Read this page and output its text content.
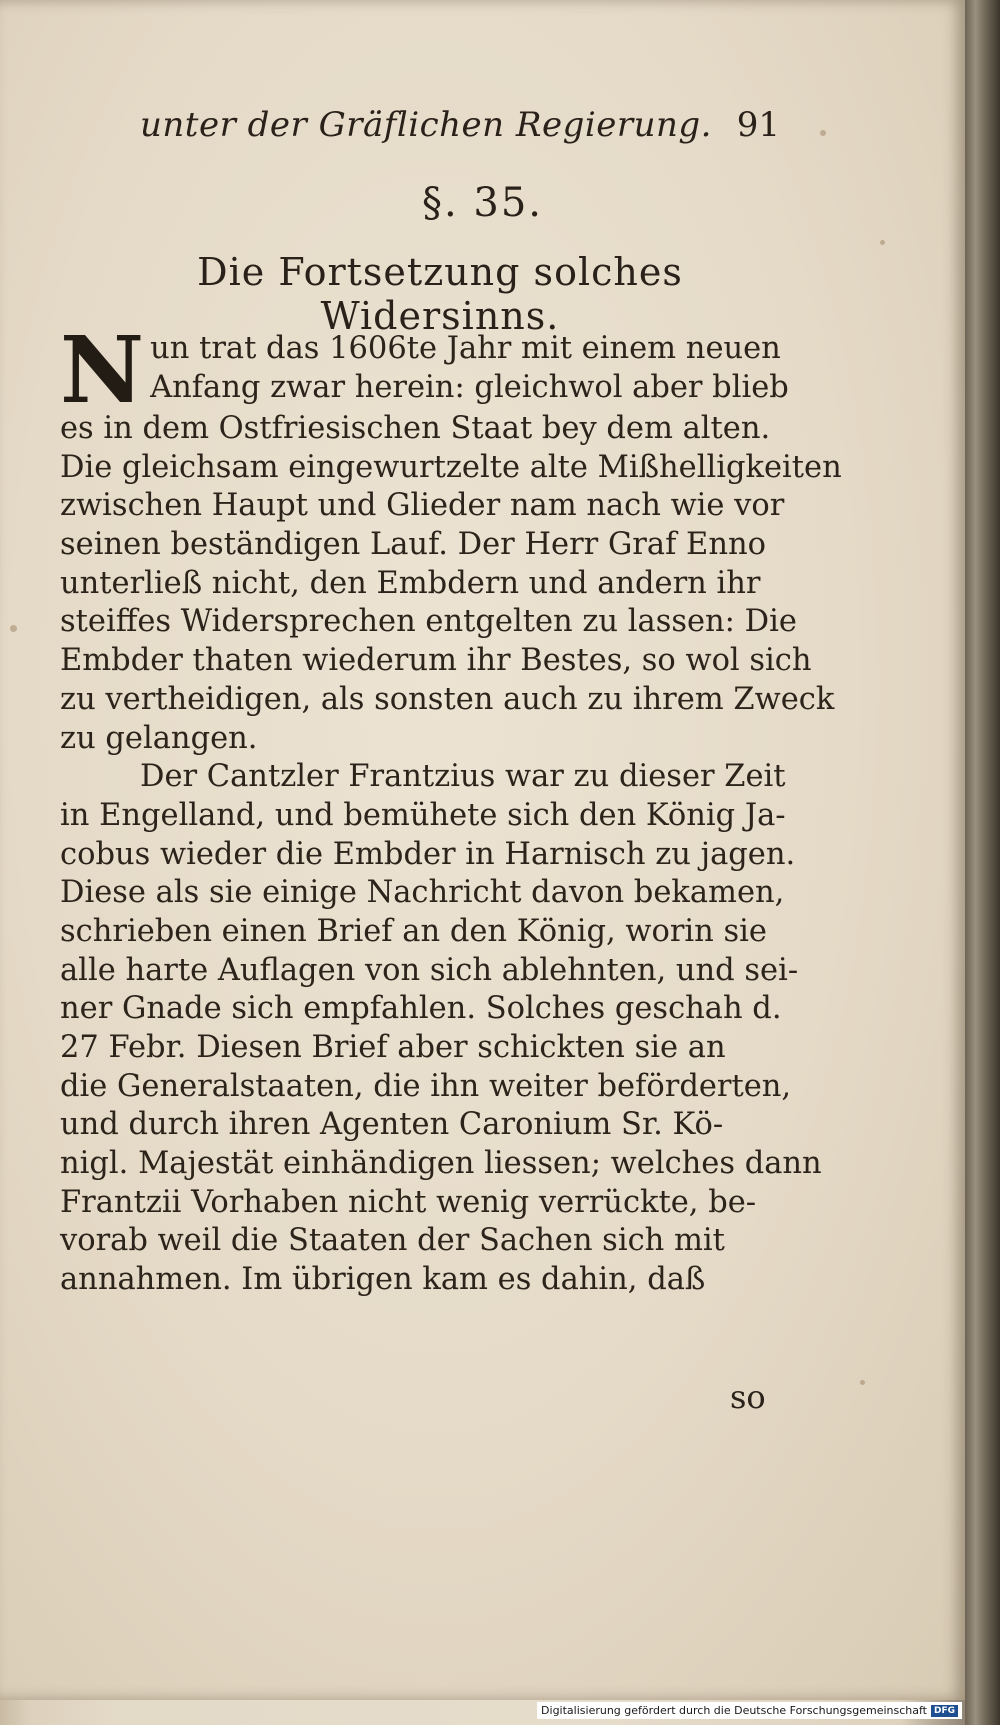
unter der Gräflichen Regierung. 91
§. 35.
Die Fortsetzung solches Widersinns.
N un trat das 1606te Jahr mit einem neuen
Anfang zwar herein: gleichwol aber blieb
es in dem Ostfriesischen Staat bey dem alten.
Die gleichsam eingewurtzelte alte Mißhelligkeiten
zwischen Haupt und Glieder nam nach wie vor
seinen beständigen Lauf. Der Herr Graf Enno
unterließ nicht, den Embdern und andern ihr
steiffes Widersprechen entgelten zu lassen: Die
Embder thaten wiederum ihr Bestes, so wol sich
zu vertheidigen, als sonsten auch zu ihrem Zweck
zu gelangen.
Der Cantzler Frantzius war zu dieser Zeit
in Engelland, und bemühete sich den König Ja-
cobus wieder die Embder in Harnisch zu jagen.
Diese als sie einige Nachricht davon bekamen,
schrieben einen Brief an den König, worin sie
alle harte Auflagen von sich ablehnten, und sei-
ner Gnade sich empfahlen. Solches geschah d.
27 Febr. Diesen Brief aber schickten sie an
die Generalstaaten, die ihn weiter beförderten,
und durch ihren Agenten Caronium Sr. Kö-
nigl. Majestät einhändigen liessen; welches dann
Frantzii Vorhaben nicht wenig verrückte, be-
vorab weil die Staaten der Sachen sich mit
annahmen. Im übrigen kam es dahin, daß
so
Digitalisierung gefördert durch die Deutsche Forschungsgemeinschaft DFG
